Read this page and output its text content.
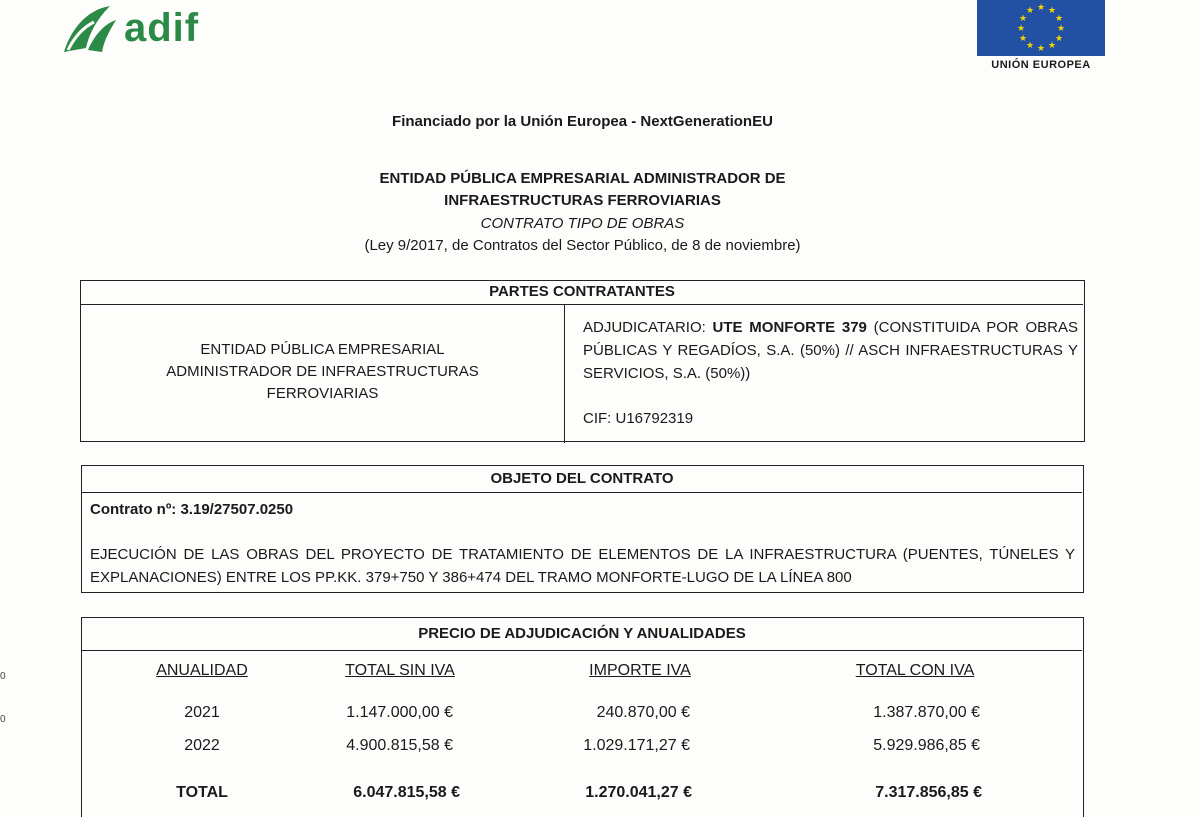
adif	★ ★
★
★
★
★
★
★
★
★
★
★
UNIÓN EUROPEA
Financiado por la Unión Europea - NextGenerationEU
ENTIDAD PÚBLICA EMPRESARIAL ADMINISTRADOR DE
INFRAESTRUCTURAS FERROVIARIAS
CONTRATO TIPO DE OBRAS
(Ley 9/2017, de Contratos del Sector Público, de 8 de noviembre)
PARTES CONTRATANTES
ENTIDAD PÚBLICA EMPRESARIAL
ADMINISTRADOR DE INFRAESTRUCTURAS
FERROVIARIAS
ADJUDICATARIO: UTE MONFORTE 379 (CONSTITUIDA POR OBRAS PÚBLICAS Y REGADÍOS, S.A. (50%) // ASCH INFRAESTRUCTURAS Y SERVICIOS, S.A. (50%))
CIF: U16792319
OBJETO DEL CONTRATO
Contrato nº: 3.19/27507.0250
EJECUCIÓN DE LAS OBRAS DEL PROYECTO DE TRATAMIENTO DE ELEMENTOS DE LA INFRAESTRUCTURA (PUENTES, TÚNELES Y EXPLANACIONES) ENTRE LOS PP.KK. 379+750 Y 386+474 DEL TRAMO MONFORTE-LUGO DE LA LÍNEA 800
PRECIO DE ADJUDICACIÓN Y ANUALIDADES
ANUALIDAD	TOTAL SIN IVA	IMPORTE IVA	TOTAL CON IVA
2021	1.147.000,00 €	240.870,00 €	1.387.870,00 €
2022	4.900.815,58 €	1.029.171,27 €	5.929.986,85 €
TOTAL	6.047.815,58 €	1.270.041,27 €	7.317.856,85 €
0
0
